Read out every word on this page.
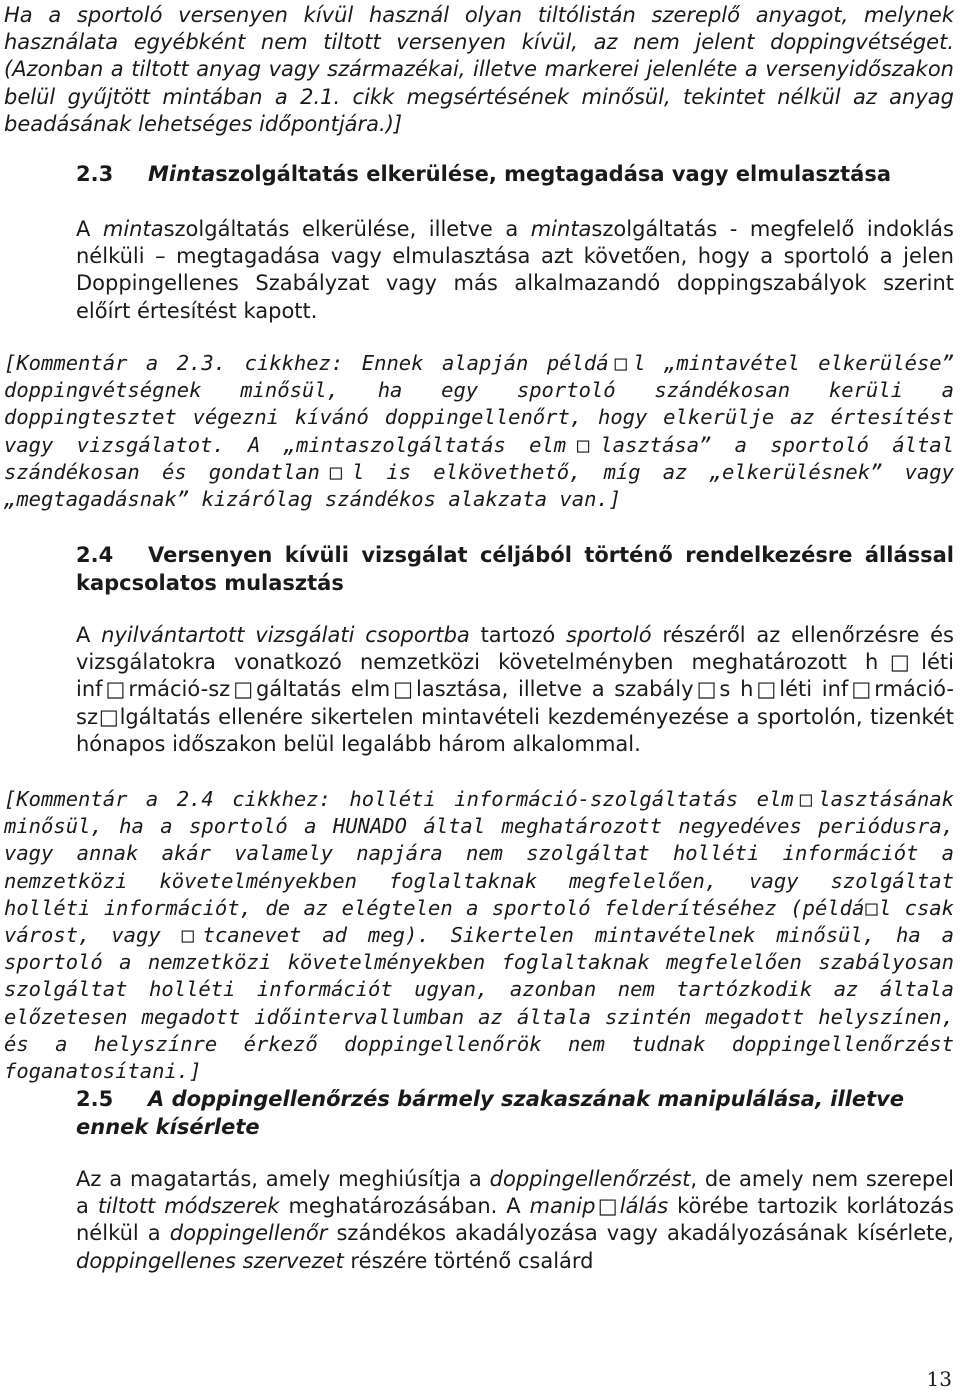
Ha a sportoló versenyen kívül használ olyan tiltólistán szereplő anyagot, melynek használata egyébként nem tiltott versenyen kívül, az nem jelent doppingvétséget. (Azonban a tiltott anyag vagy származékai, illetve markerei jelenléte a versenyidőszakon belül gyűjtött mintában a 2.1. cikk megsértésének minősül, tekintet nélkül az anyag beadásának lehetséges időpontjára.)]

2.3 Mintaszolgáltatás elkerülése, megtagadása vagy elmulasztása

A mintaszolgáltatás elkerülése, illetve a mintaszolgáltatás - megfelelő indoklás nélküli – megtagadása vagy elmulasztása azt követően, hogy a sportoló a jelen Doppingellenes Szabályzat vagy más alkalmazandó doppingszabályok szerint előírt értesítést kapott.

[Kommentár a 2.3. cikkhez: Ennek alapján példá□l „mintavétel elkerülése” doppingvétségnek minősül, ha egy sportoló szándékosan kerüli a doppingtesztet végezni kívánó doppingellenőrt, hogy elkerülje az értesítést vagy vizsgálatot. A „mintaszolgáltatás elm□lasztása” a sportoló által szándékosan és gondatlan□l is elkövethető, míg az „elkerülésnek” vagy „megtagadásnak” kizárólag szándékos alakzata van.]

2.4 Versenyen kívüli vizsgálat céljából történő rendelkezésre állással kapcsolatos mulasztás

A nyilvántartott vizsgálati csoportba tartozó sportoló részéről az ellenőrzésre és vizsgálatokra vonatkozó nemzetközi követelményben meghatározott h□léti inf□rmáció-sz□gáltatás elm□lasztása, illetve a szabály□s h□léti inf□rmáció-sz□lgáltatás ellenére sikertelen mintavételi kezdeményezése a sportolón, tizenkét hónapos időszakon belül legalább három alkalommal.

[Kommentár a 2.4 cikkhez: holléti információ-szolgáltatás elm□lasztásának minősül, ha a sportoló a HUNADO által meghatározott negyedéves periódusra, vagy annak akár valamely napjára nem szolgáltat holléti információt a nemzetközi követelményekben foglaltaknak megfelelően, vagy szolgáltat holléti információt, de az elégtelen a sportoló felderítéséhez (példá□l csak várost, vagy □tcanevet ad meg). Sikertelen mintavételnek minősül, ha a sportoló a nemzetközi követelményekben foglaltaknak megfelelően szabályosan szolgáltat holléti információt ugyan, azonban nem tartózkodik az általa előzetesen megadott időintervallumban az általa szintén megadott helyszínen, és a helyszínre érkező doppingellenőrök nem tudnak doppingellenőrzést foganatosítani.]

2.5 A doppingellenőrzés bármely szakaszának manipulálása, illetve ennek kísérlete

Az a magatartás, amely meghiúsítja a doppingellenőrzést, de amely nem szerepel a tiltott módszerek meghatározásában. A manip□lálás körébe tartozik korlátozás nélkül a doppingellenőr szándékos akadályozása vagy akadályozásának kísérlete, doppingellenes szervezet részére történő csalárd

13
